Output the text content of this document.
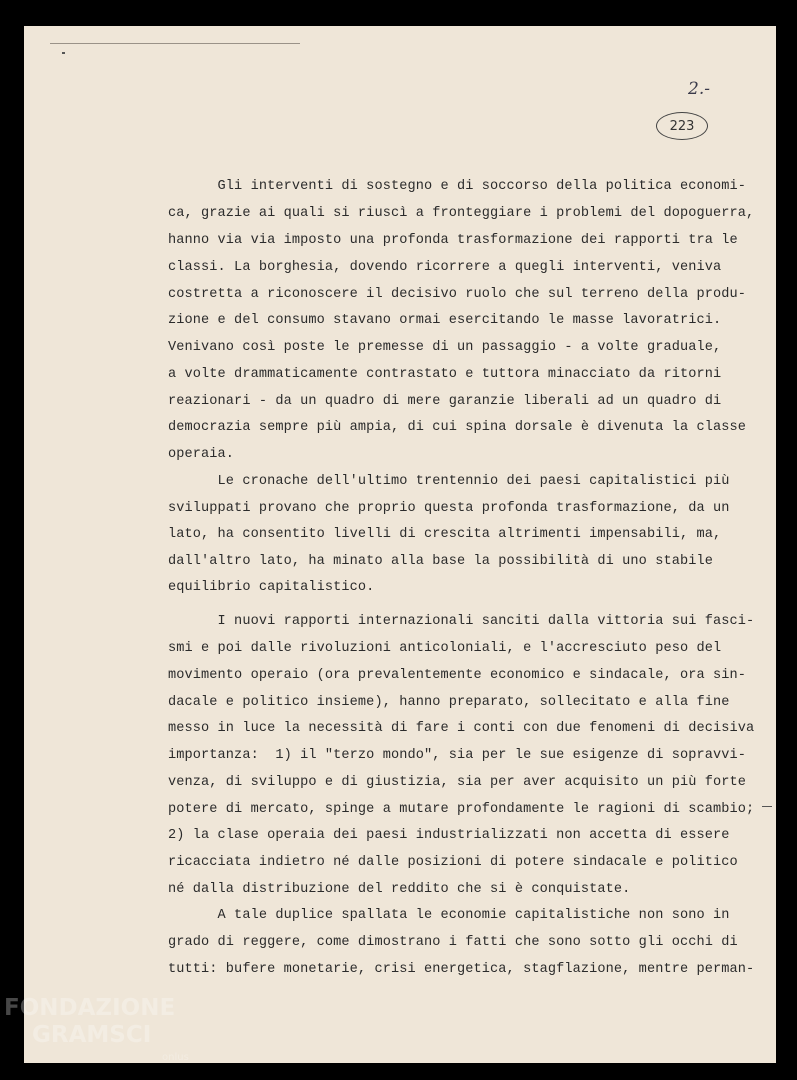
2.-
223
Gli interventi di sostegno e di soccorso della politica economi-
ca, grazie ai quali si riuscì a fronteggiare i problemi del dopoguerra,
hanno via via imposto una profonda trasformazione dei rapporti tra le
classi. La borghesia, dovendo ricorrere a quegli interventi, veniva
costretta a riconoscere il decisivo ruolo che sul terreno della produ-
zione e del consumo stavano ormai esercitando le masse lavoratrici.
Venivano così poste le premesse di un passaggio - a volte graduale,
a volte drammaticamente contrastato e tuttora minacciato da ritorni
reazionari - da un quadro di mere garanzie liberali ad un quadro di
democrazia sempre più ampia, di cui spina dorsale è divenuta la classe
operaia.
Le cronache dell'ultimo trentennio dei paesi capitalistici più
sviluppati provano che proprio questa profonda trasformazione, da un
lato, ha consentito livelli di crescita altrimenti impensabili, ma,
dall'altro lato, ha minato alla base la possibilità di uno stabile
equilibrio capitalistico.
I nuovi rapporti internazionali sanciti dalla vittoria sui fasci-
smi e poi dalle rivoluzioni anticoloniali, e l'accresciuto peso del
movimento operaio (ora prevalentemente economico e sindacale, ora sin-
dacale e politico insieme), hanno preparato, sollecitato e alla fine
messo in luce la necessità di fare i conti con due fenomeni di decisiva
importanza:  1) il "terzo mondo", sia per le sue esigenze di sopravvi-
venza, di sviluppo e di giustizia, sia per aver acquisito un più forte
potere di mercato, spinge a mutare profondamente le ragioni di scambio;
2) la clase operaia dei paesi industrializzati non accetta di essere
ricacciata indietro né dalle posizioni di potere sindacale e politico
né dalla distribuzione del reddito che si è conquistate.
A tale duplice spallata le economie capitalistiche non sono in
grado di reggere, come dimostrano i fatti che sono sotto gli occhi di
tutti: bufere monetarie, crisi energetica, stagflazione, mentre perman-
FONDAZIONE
GRAMSCI
onlus
